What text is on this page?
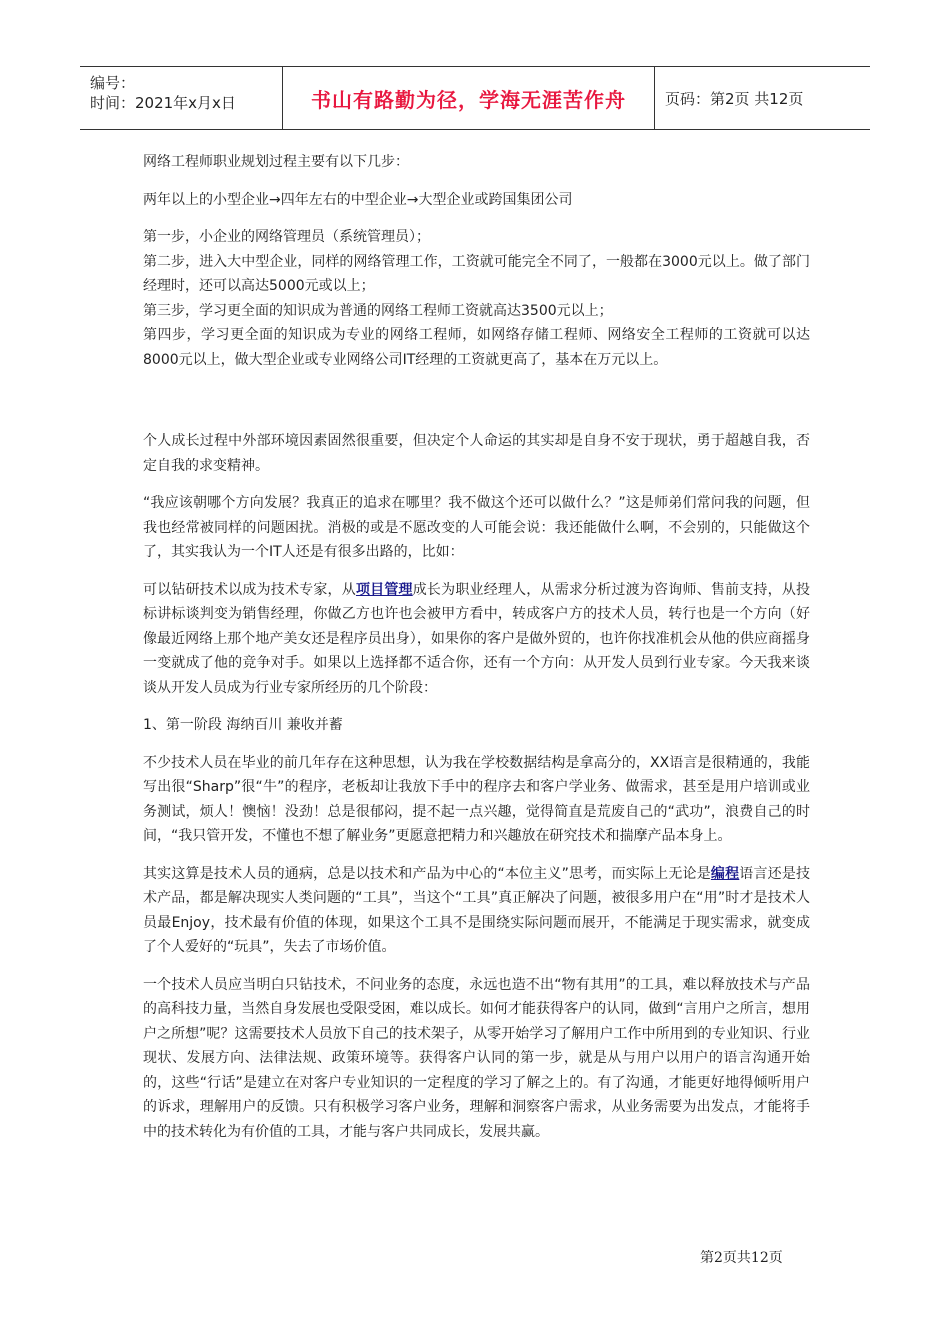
编号：
时间：2021年x月x日	书山有路勤为径，学海无涯苦作舟	页码：第2页 共12页

网络工程师职业规划过程主要有以下几步：

两年以上的小型企业→四年左右的中型企业→大型企业或跨国集团公司

第一步，小企业的网络管理员（系统管理员）；

第二步，进入大中型企业，同样的网络管理工作，工资就可能完全不同了，一般都在3000元以上。做了部门经理时，还可以高达5000元或以上；

第三步，学习更全面的知识成为普通的网络工程师工资就高达3500元以上；

第四步，学习更全面的知识成为专业的网络工程师，如网络存储工程师、网络安全工程师的工资就可以达8000元以上，做大型企业或专业网络公司IT经理的工资就更高了，基本在万元以上。

个人成长过程中外部环境因素固然很重要，但决定个人命运的其实却是自身不安于现状，勇于超越自我，否定自我的求变精神。

“我应该朝哪个方向发展？我真正的追求在哪里？我不做这个还可以做什么？”这是师弟们常问我的问题，但我也经常被同样的问题困扰。消极的或是不愿改变的人可能会说：我还能做什么啊，不会别的，只能做这个了，其实我认为一个IT人还是有很多出路的，比如：

可以钻研技术以成为技术专家，从项目管理成长为职业经理人，从需求分析过渡为咨询师、售前支持，从投标讲标谈判变为销售经理，你做乙方也许也会被甲方看中，转成客户方的技术人员，转行也是一个方向（好像最近网络上那个地产美女还是程序员出身），如果你的客户是做外贸的，也许你找准机会从他的供应商摇身一变就成了他的竞争对手。如果以上选择都不适合你，还有一个方向：从开发人员到行业专家。今天我来谈谈从开发人员成为行业专家所经历的几个阶段：

1、第一阶段 海纳百川 兼收并蓄

不少技术人员在毕业的前几年存在这种思想，认为我在学校数据结构是拿高分的，XX语言是很精通的，我能写出很“Sharp”很“牛”的程序，老板却让我放下手中的程序去和客户学业务、做需求，甚至是用户培训或业务测试，烦人！懊恼！没劲！总是很郁闷，提不起一点兴趣，觉得简直是荒废自己的“武功”，浪费自己的时间，“我只管开发，不懂也不想了解业务”更愿意把精力和兴趣放在研究技术和揣摩产品本身上。

其实这算是技术人员的通病，总是以技术和产品为中心的“本位主义”思考，而实际上无论是编程语言还是技术产品，都是解决现实人类问题的“工具”，当这个“工具”真正解决了问题，被很多用户在“用”时才是技术人员最Enjoy，技术最有价值的体现，如果这个工具不是围绕实际问题而展开，不能满足于现实需求，就变成了个人爱好的“玩具”，失去了市场价值。

一个技术人员应当明白只钻技术，不问业务的态度，永远也造不出“物有其用”的工具，难以释放技术与产品的高科技力量，当然自身发展也受限受困，难以成长。如何才能获得客户的认同，做到“言用户之所言，想用户之所想”呢？这需要技术人员放下自己的技术架子，从零开始学习了解用户工作中所用到的专业知识、行业现状、发展方向、法律法规、政策环境等。获得客户认同的第一步，就是从与用户以用户的语言沟通开始的，这些“行话”是建立在对客户专业知识的一定程度的学习了解之上的。有了沟通，才能更好地得倾听用户的诉求，理解用户的反馈。只有积极学习客户业务，理解和洞察客户需求，从业务需要为出发点，才能将手中的技术转化为有价值的工具，才能与客户共同成长，发展共赢。

第2页共12页
